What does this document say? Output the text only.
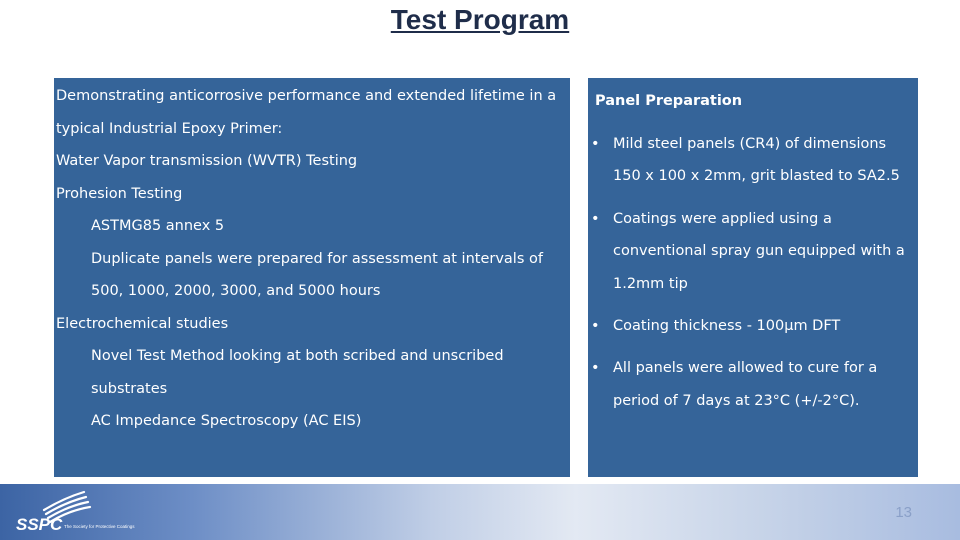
Test Program
Demonstrating anticorrosive performance and extended lifetime in a
typical Industrial Epoxy Primer:
Water Vapor transmission (WVTR) Testing
Prohesion Testing
ASTMG85 annex 5
Duplicate panels were prepared for assessment at intervals of
500, 1000, 2000, 3000, and 5000 hours
Electrochemical studies
Novel Test Method looking at both scribed and unscribed
substrates
AC Impedance Spectroscopy (AC EIS)
Panel Preparation
• Mild steel panels (CR4) of dimensions
150 x 100 x 2mm, grit blasted to SA2.5
• Coatings were applied using a
conventional spray gun equipped with a
1.2mm tip
• Coating thickness - 100µm DFT
• All panels were allowed to cure for a
period of 7 days at 23°C (+/-2°C).
SSPC The Society for Protective Coatings
13
